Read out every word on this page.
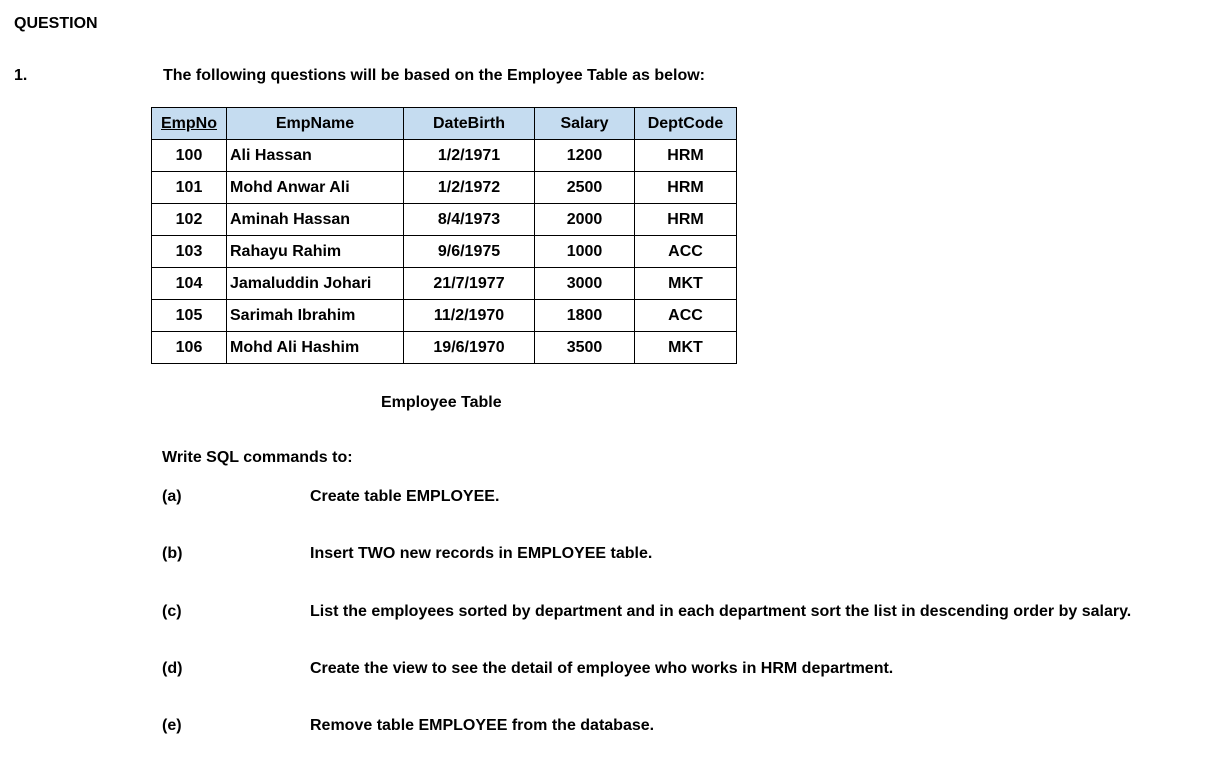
QUESTION
1.	The following questions will be based on the Employee Table as below:
EmpNo	EmpName	DateBirth	Salary	DeptCode
100	Ali Hassan	1/2/1971	1200	HRM
101	Mohd Anwar Ali	1/2/1972	2500	HRM
102	Aminah Hassan	8/4/1973	2000	HRM
103	Rahayu Rahim	9/6/1975	1000	ACC
104	Jamaluddin Johari	21/7/1977	3000	MKT
105	Sarimah Ibrahim	11/2/1970	1800	ACC
106	Mohd Ali Hashim	19/6/1970	3500	MKT
Employee Table
Write SQL commands to:
(a)	Create table EMPLOYEE.
(b)	Insert TWO new records in EMPLOYEE table.
(c)	List the employees sorted by department and in each department sort the list in descending order by salary.
(d)	Create the view to see the detail of employee who works in HRM department.
(e)	Remove table EMPLOYEE from the database.
